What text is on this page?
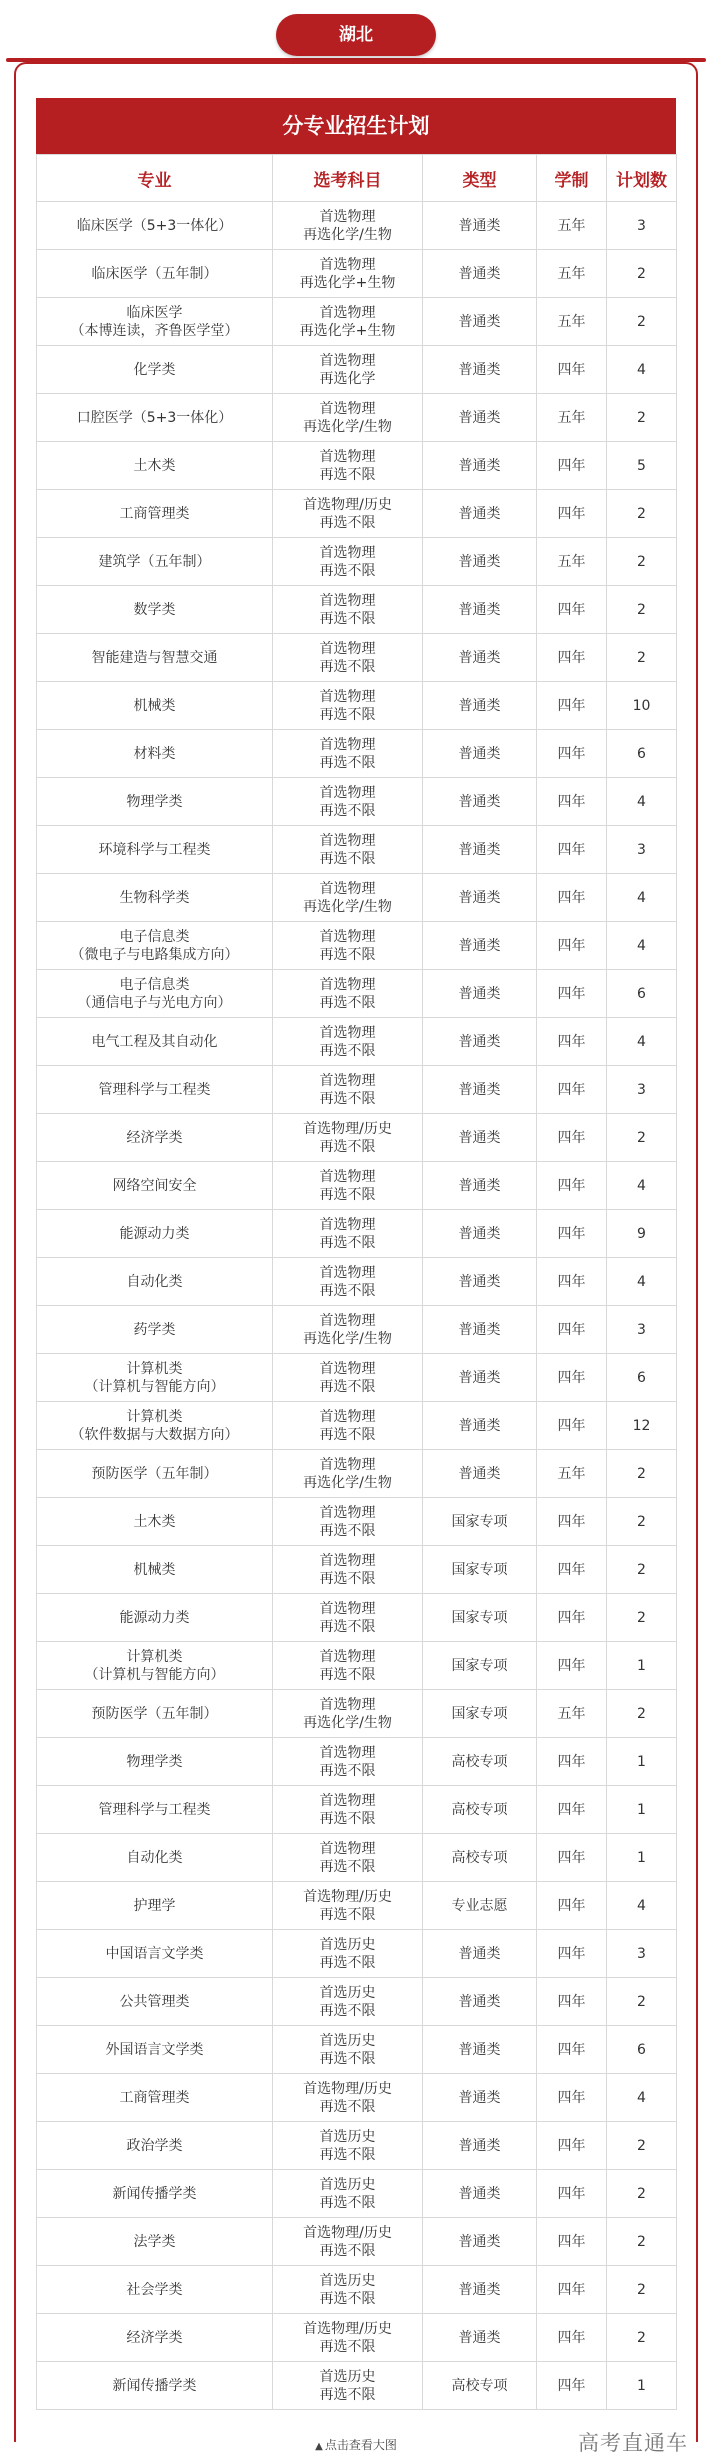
湖北
分专业招生计划
专业	选考科目	类型	学制	计划数

临床医学（5+3一体化）	首选物理
再选化学/生物	普通类	五年	3

临床医学（五年制）	首选物理
再选化学+生物	普通类	五年	2

临床医学
（本博连读，齐鲁医学堂）	首选物理
再选化学+生物	普通类	五年	2

化学类	首选物理
再选化学	普通类	四年	4

口腔医学（5+3一体化）	首选物理
再选化学/生物	普通类	五年	2

土木类	首选物理
再选不限	普通类	四年	5

工商管理类	首选物理/历史
再选不限	普通类	四年	2

建筑学（五年制）	首选物理
再选不限	普通类	五年	2

数学类	首选物理
再选不限	普通类	四年	2

智能建造与智慧交通	首选物理
再选不限	普通类	四年	2

机械类	首选物理
再选不限	普通类	四年	10

材料类	首选物理
再选不限	普通类	四年	6

物理学类	首选物理
再选不限	普通类	四年	4

环境科学与工程类	首选物理
再选不限	普通类	四年	3

生物科学类	首选物理
再选化学/生物	普通类	四年	4

电子信息类
（微电子与电路集成方向）	首选物理
再选不限	普通类	四年	4

电子信息类
（通信电子与光电方向）	首选物理
再选不限	普通类	四年	6

电气工程及其自动化	首选物理
再选不限	普通类	四年	4

管理科学与工程类	首选物理
再选不限	普通类	四年	3

经济学类	首选物理/历史
再选不限	普通类	四年	2

网络空间安全	首选物理
再选不限	普通类	四年	4

能源动力类	首选物理
再选不限	普通类	四年	9

自动化类	首选物理
再选不限	普通类	四年	4

药学类	首选物理
再选化学/生物	普通类	四年	3

计算机类
（计算机与智能方向）	首选物理
再选不限	普通类	四年	6

计算机类
（软件数据与大数据方向）	首选物理
再选不限	普通类	四年	12

预防医学（五年制）	首选物理
再选化学/生物	普通类	五年	2

土木类	首选物理
再选不限	国家专项	四年	2

机械类	首选物理
再选不限	国家专项	四年	2

能源动力类	首选物理
再选不限	国家专项	四年	2

计算机类
（计算机与智能方向）	首选物理
再选不限	国家专项	四年	1

预防医学（五年制）	首选物理
再选化学/生物	国家专项	五年	2

物理学类	首选物理
再选不限	高校专项	四年	1

管理科学与工程类	首选物理
再选不限	高校专项	四年	1

自动化类	首选物理
再选不限	高校专项	四年	1

护理学	首选物理/历史
再选不限	专业志愿	四年	4

中国语言文学类	首选历史
再选不限	普通类	四年	3

公共管理类	首选历史
再选不限	普通类	四年	2

外国语言文学类	首选历史
再选不限	普通类	四年	6

工商管理类	首选物理/历史
再选不限	普通类	四年	4

政治学类	首选历史
再选不限	普通类	四年	2

新闻传播学类	首选历史
再选不限	普通类	四年	2

法学类	首选物理/历史
再选不限	普通类	四年	2

社会学类	首选历史
再选不限	普通类	四年	2

经济学类	首选物理/历史
再选不限	普通类	四年	2

新闻传播学类	首选历史
再选不限	高校专项	四年	1
▲ 点击查看大图	高考直通车
